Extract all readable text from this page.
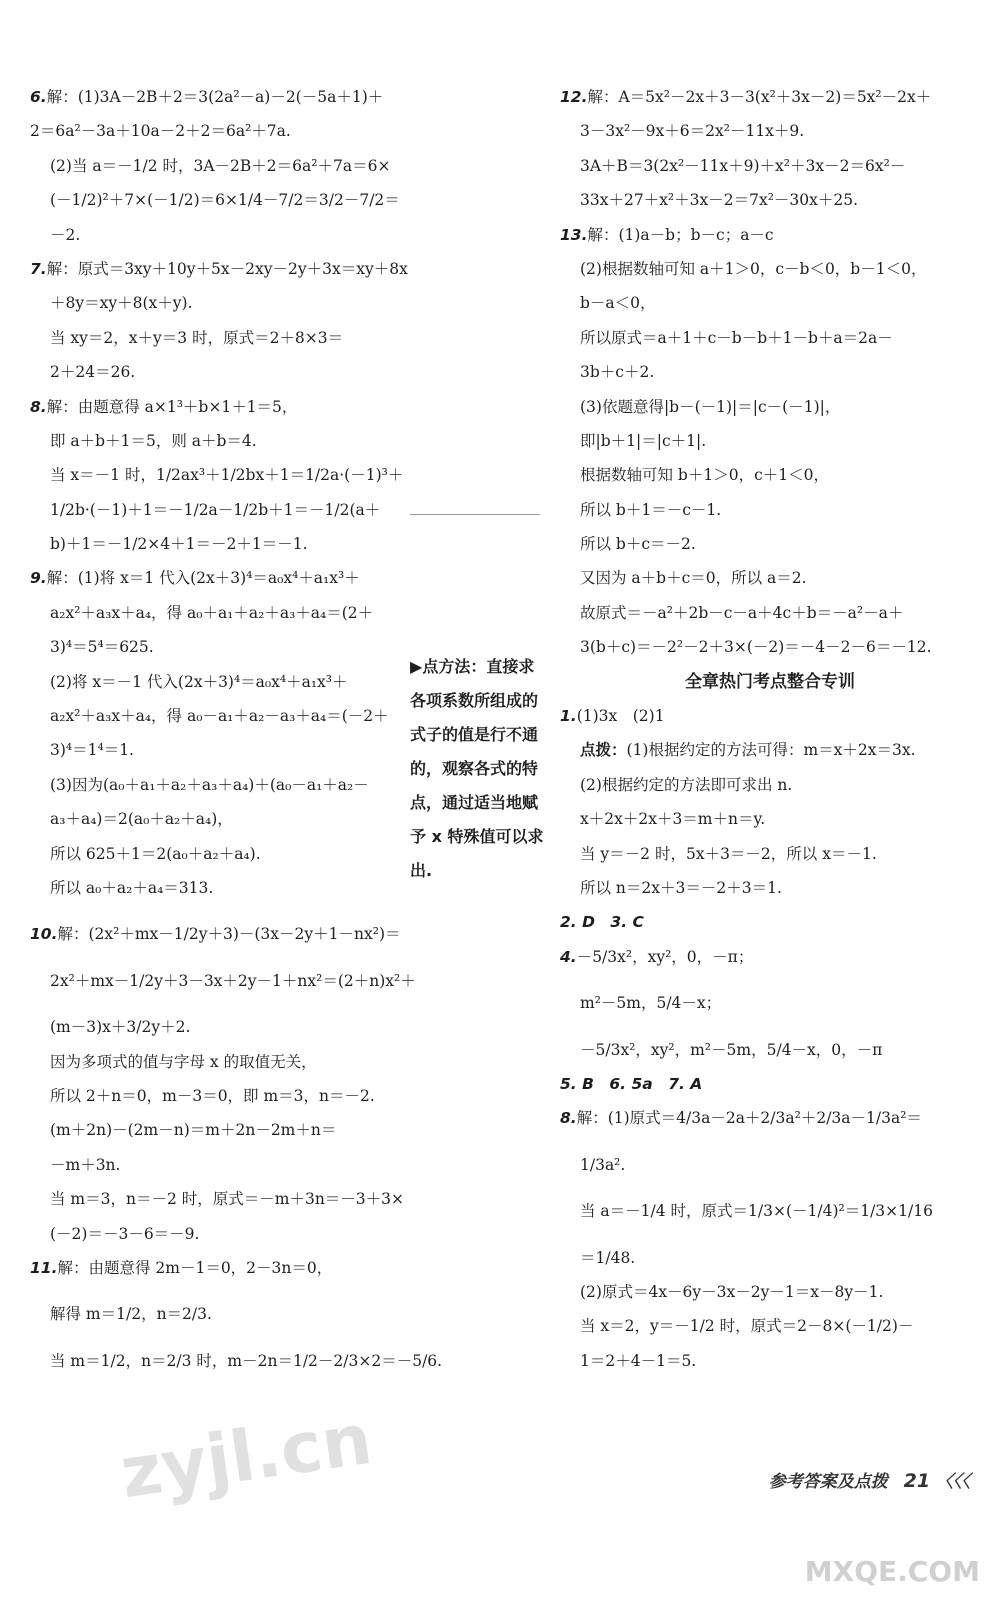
6.解：(1)3A－2B＋2＝3(2a²－a)－2(－5a＋1)＋
2＝6a²－3a＋10a－2＋2＝6a²＋7a.
(2)当 a＝－1/2 时，3A－2B＋2＝6a²＋7a＝6×
(－1/2)²＋7×(－1/2)＝6×1/4－7/2＝3/2－7/2＝
－2.
7.解：原式＝3xy＋10y＋5x－2xy－2y＋3x＝xy＋8x
＋8y＝xy＋8(x＋y).
当 xy＝2，x＋y＝3 时，原式＝2＋8×3＝
2＋24＝26.
8.解：由题意得 a×1³＋b×1＋1＝5，
即 a＋b＋1＝5，则 a＋b＝4.
当 x＝－1 时，1/2ax³＋1/2bx＋1＝1/2a·(－1)³＋
1/2b·(－1)＋1＝－1/2a－1/2b＋1＝－1/2(a＋
b)＋1＝－1/2×4＋1＝－2＋1＝－1.
9.解：(1)将 x＝1 代入(2x＋3)⁴＝a₀x⁴＋a₁x³＋
a₂x²＋a₃x＋a₄，得 a₀＋a₁＋a₂＋a₃＋a₄＝(2＋
3)⁴＝5⁴＝625.
(2)将 x＝－1 代入(2x＋3)⁴＝a₀x⁴＋a₁x³＋
a₂x²＋a₃x＋a₄，得 a₀－a₁＋a₂－a₃＋a₄＝(－2＋
3)⁴＝1⁴＝1.
(3)因为(a₀＋a₁＋a₂＋a₃＋a₄)＋(a₀－a₁＋a₂－
a₃＋a₄)＝2(a₀＋a₂＋a₄)，
所以 625＋1＝2(a₀＋a₂＋a₄).
所以 a₀＋a₂＋a₄＝313.
10.解：(2x²＋mx－1/2y＋3)－(3x－2y＋1－nx²)＝
2x²＋mx－1/2y＋3－3x＋2y－1＋nx²＝(2＋n)x²＋
(m－3)x＋3/2y＋2.
因为多项式的值与字母 x 的取值无关，
所以 2＋n＝0，m－3＝0，即 m＝3，n＝－2.
(m＋2n)－(2m－n)＝m＋2n－2m＋n＝
－m＋3n.
当 m＝3，n＝－2 时，原式＝－m＋3n＝－3＋3×
(－2)＝－3－6＝－9.
11.解：由题意得 2m－1＝0，2－3n＝0，
解得 m＝1/2，n＝2/3.
当 m＝1/2，n＝2/3 时，m－2n＝1/2－2/3×2＝－5/6.
▶点方法：直接求各项系数所组成的式子的值是行不通的，观察各式的特点，通过适当地赋予 x 特殊值可以求出.
12.解：A＝5x²－2x＋3－3(x²＋3x－2)＝5x²－2x＋
3－3x²－9x＋6＝2x²－11x＋9.
3A＋B＝3(2x²－11x＋9)＋x²＋3x－2＝6x²－
33x＋27＋x²＋3x－2＝7x²－30x＋25.
13.解：(1)a－b；b－c；a－c
(2)根据数轴可知 a＋1＞0，c－b＜0，b－1＜0，
b－a＜0，
所以原式＝a＋1＋c－b－b＋1－b＋a＝2a－
3b＋c＋2.
(3)依题意得|b－(－1)|＝|c－(－1)|，
即|b＋1|＝|c＋1|.
根据数轴可知 b＋1＞0，c＋1＜0，
所以 b＋1＝－c－1.
所以 b＋c＝－2.
又因为 a＋b＋c＝0，所以 a＝2.
故原式＝－a²＋2b－c－a＋4c＋b＝－a²－a＋
3(b＋c)＝－2²－2＋3×(－2)＝－4－2－6＝－12.
全章热门考点整合专训
1.(1)3x　(2)1
点拨：(1)根据约定的方法可得：m＝x＋2x＝3x.
(2)根据约定的方法即可求出 n.
x＋2x＋2x＋3＝m＋n＝y.
当 y＝－2 时，5x＋3＝－2，所以 x＝－1.
所以 n＝2x＋3＝－2＋3＝1.
2. D　3. C
4.－5/3x²，xy²，0，－π；
m²－5m，5/4－x；
－5/3x²，xy²，m²－5m，5/4－x，0，－π
5. B　6. 5a　7. A
8.解：(1)原式＝4/3a－2a＋2/3a²＋2/3a－1/3a²＝
1/3a².
当 a＝－1/4 时，原式＝1/3×(－1/4)²＝1/3×1/16
＝1/48.
(2)原式＝4x－6y－3x－2y－1＝x－8y－1.
当 x＝2，y＝－1/2 时，原式＝2－8×(－1/2)－
1＝2＋4－1＝5.
参考答案及点拨 21 〈〈〈
zyjl.cn
MXQE.COM
